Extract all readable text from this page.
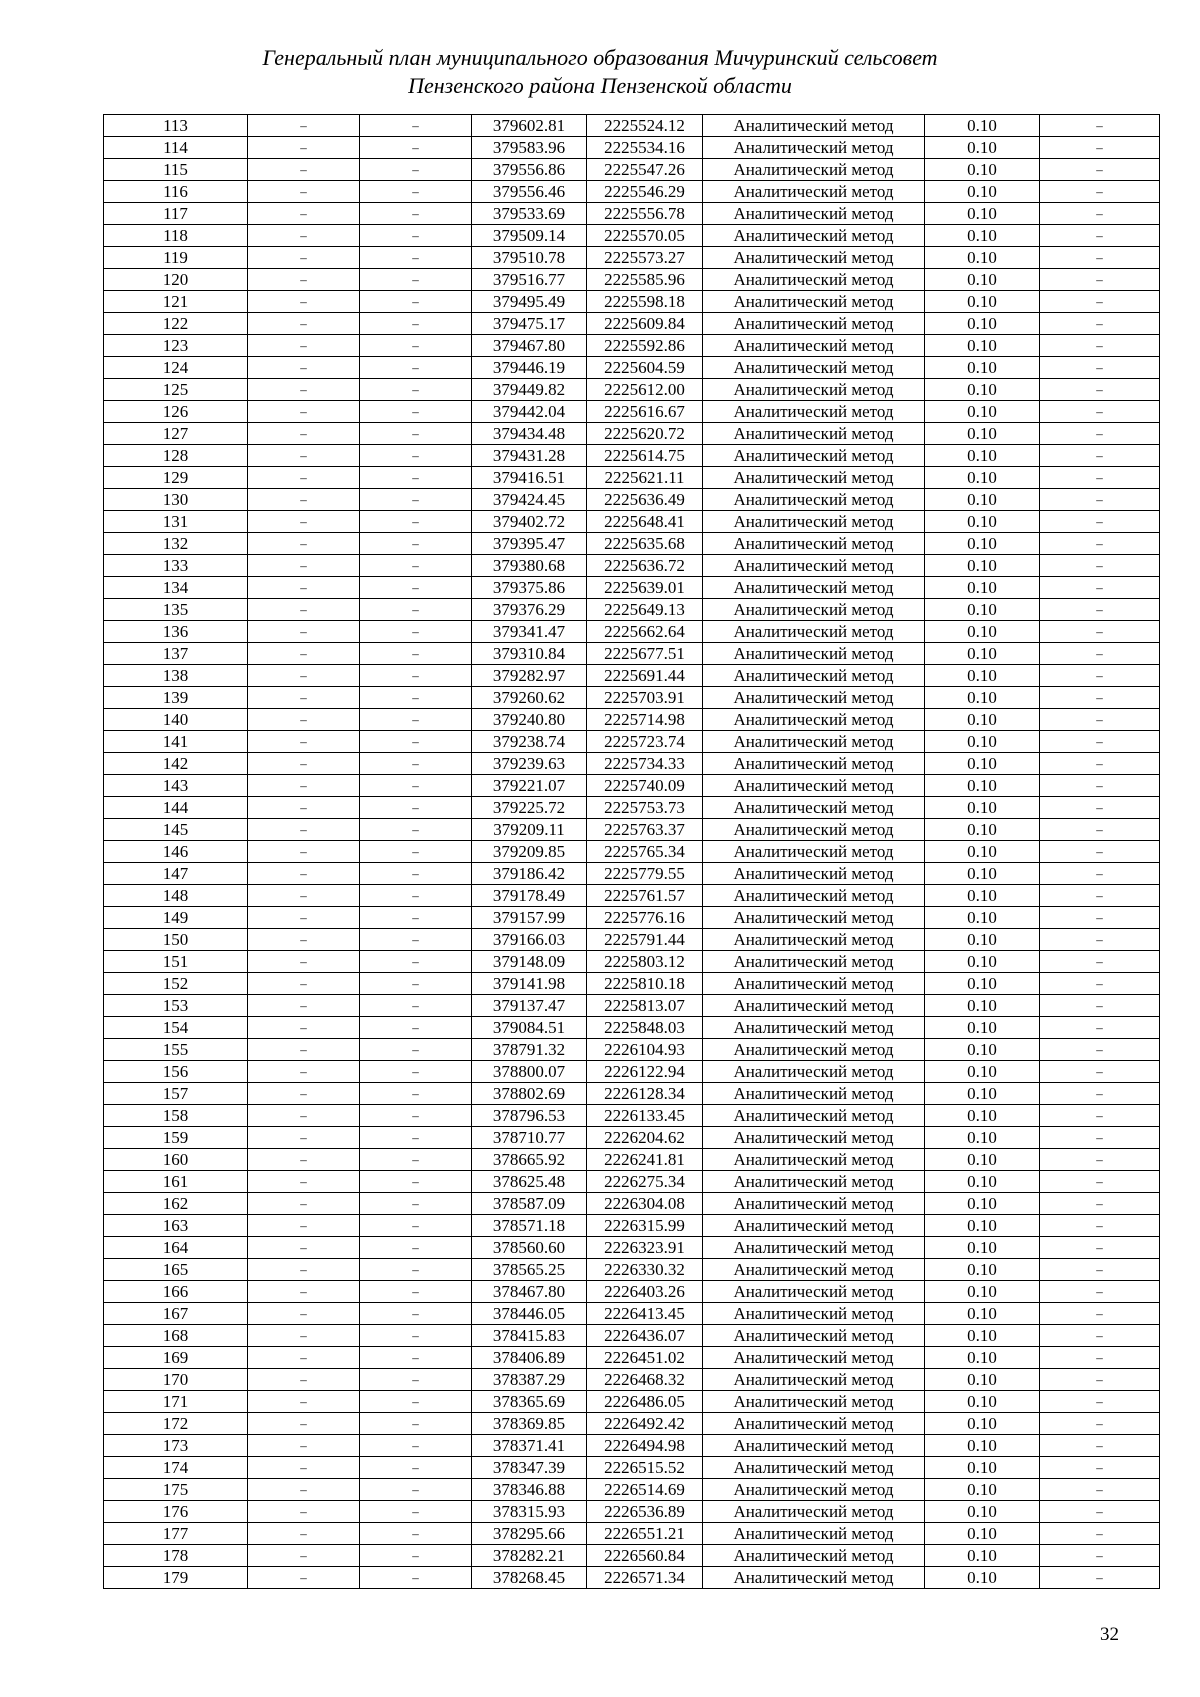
Генеральный план муниципального образования Мичуринский сельсовет
Пензенского района Пензенской области
113	–	–	379602.81	2225524.12	Аналитический метод	0.10	–
114	–	–	379583.96	2225534.16	Аналитический метод	0.10	–
115	–	–	379556.86	2225547.26	Аналитический метод	0.10	–
116	–	–	379556.46	2225546.29	Аналитический метод	0.10	–
117	–	–	379533.69	2225556.78	Аналитический метод	0.10	–
118	–	–	379509.14	2225570.05	Аналитический метод	0.10	–
119	–	–	379510.78	2225573.27	Аналитический метод	0.10	–
120	–	–	379516.77	2225585.96	Аналитический метод	0.10	–
121	–	–	379495.49	2225598.18	Аналитический метод	0.10	–
122	–	–	379475.17	2225609.84	Аналитический метод	0.10	–
123	–	–	379467.80	2225592.86	Аналитический метод	0.10	–
124	–	–	379446.19	2225604.59	Аналитический метод	0.10	–
125	–	–	379449.82	2225612.00	Аналитический метод	0.10	–
126	–	–	379442.04	2225616.67	Аналитический метод	0.10	–
127	–	–	379434.48	2225620.72	Аналитический метод	0.10	–
128	–	–	379431.28	2225614.75	Аналитический метод	0.10	–
129	–	–	379416.51	2225621.11	Аналитический метод	0.10	–
130	–	–	379424.45	2225636.49	Аналитический метод	0.10	–
131	–	–	379402.72	2225648.41	Аналитический метод	0.10	–
132	–	–	379395.47	2225635.68	Аналитический метод	0.10	–
133	–	–	379380.68	2225636.72	Аналитический метод	0.10	–
134	–	–	379375.86	2225639.01	Аналитический метод	0.10	–
135	–	–	379376.29	2225649.13	Аналитический метод	0.10	–
136	–	–	379341.47	2225662.64	Аналитический метод	0.10	–
137	–	–	379310.84	2225677.51	Аналитический метод	0.10	–
138	–	–	379282.97	2225691.44	Аналитический метод	0.10	–
139	–	–	379260.62	2225703.91	Аналитический метод	0.10	–
140	–	–	379240.80	2225714.98	Аналитический метод	0.10	–
141	–	–	379238.74	2225723.74	Аналитический метод	0.10	–
142	–	–	379239.63	2225734.33	Аналитический метод	0.10	–
143	–	–	379221.07	2225740.09	Аналитический метод	0.10	–
144	–	–	379225.72	2225753.73	Аналитический метод	0.10	–
145	–	–	379209.11	2225763.37	Аналитический метод	0.10	–
146	–	–	379209.85	2225765.34	Аналитический метод	0.10	–
147	–	–	379186.42	2225779.55	Аналитический метод	0.10	–
148	–	–	379178.49	2225761.57	Аналитический метод	0.10	–
149	–	–	379157.99	2225776.16	Аналитический метод	0.10	–
150	–	–	379166.03	2225791.44	Аналитический метод	0.10	–
151	–	–	379148.09	2225803.12	Аналитический метод	0.10	–
152	–	–	379141.98	2225810.18	Аналитический метод	0.10	–
153	–	–	379137.47	2225813.07	Аналитический метод	0.10	–
154	–	–	379084.51	2225848.03	Аналитический метод	0.10	–
155	–	–	378791.32	2226104.93	Аналитический метод	0.10	–
156	–	–	378800.07	2226122.94	Аналитический метод	0.10	–
157	–	–	378802.69	2226128.34	Аналитический метод	0.10	–
158	–	–	378796.53	2226133.45	Аналитический метод	0.10	–
159	–	–	378710.77	2226204.62	Аналитический метод	0.10	–
160	–	–	378665.92	2226241.81	Аналитический метод	0.10	–
161	–	–	378625.48	2226275.34	Аналитический метод	0.10	–
162	–	–	378587.09	2226304.08	Аналитический метод	0.10	–
163	–	–	378571.18	2226315.99	Аналитический метод	0.10	–
164	–	–	378560.60	2226323.91	Аналитический метод	0.10	–
165	–	–	378565.25	2226330.32	Аналитический метод	0.10	–
166	–	–	378467.80	2226403.26	Аналитический метод	0.10	–
167	–	–	378446.05	2226413.45	Аналитический метод	0.10	–
168	–	–	378415.83	2226436.07	Аналитический метод	0.10	–
169	–	–	378406.89	2226451.02	Аналитический метод	0.10	–
170	–	–	378387.29	2226468.32	Аналитический метод	0.10	–
171	–	–	378365.69	2226486.05	Аналитический метод	0.10	–
172	–	–	378369.85	2226492.42	Аналитический метод	0.10	–
173	–	–	378371.41	2226494.98	Аналитический метод	0.10	–
174	–	–	378347.39	2226515.52	Аналитический метод	0.10	–
175	–	–	378346.88	2226514.69	Аналитический метод	0.10	–
176	–	–	378315.93	2226536.89	Аналитический метод	0.10	–
177	–	–	378295.66	2226551.21	Аналитический метод	0.10	–
178	–	–	378282.21	2226560.84	Аналитический метод	0.10	–
179	–	–	378268.45	2226571.34	Аналитический метод	0.10	–
32
